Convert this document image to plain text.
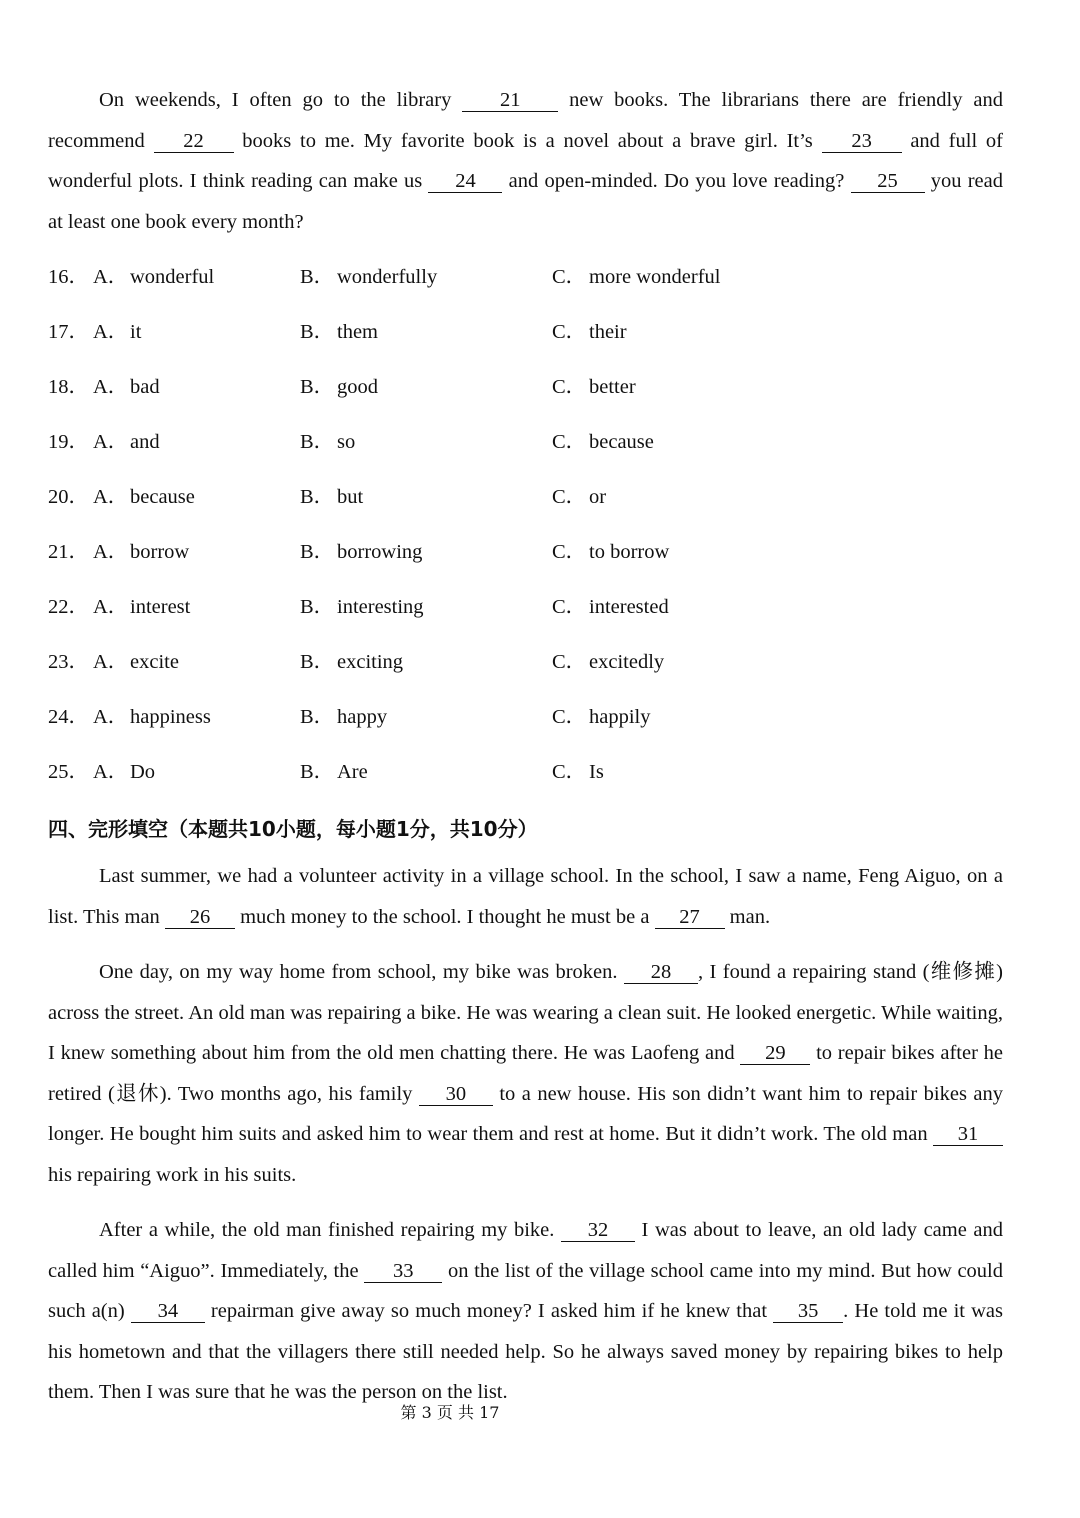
On weekends, I often go to the library 21 new books. The librarians there are friendly and recommend 22 books to me. My favorite book is a novel about a brave girl. It’s 23 and full of wonderful plots. I think reading can make us 24 and open-minded. Do you love reading? 25 you read at least one book every month?

16． A． wonderful	B． wonderfully	C． more wonderful
17． A． it	B． them	C． their
18． A． bad	B． good	C． better
19． A． and	B． so	C． because
20． A． because	B． but	C． or
21． A． borrow	B． borrowing	C． to borrow
22． A． interest	B． interesting	C． interested
23． A． excite	B． exciting	C． excitedly
24． A． happiness	B． happy	C． happily
25． A． Do	B． Are	C． Is
四、完形填空（本题共10小题，每小题1分，共10分）

Last summer, we had a volunteer activity in a village school. In the school, I saw a name, Feng Aiguo, on a list. This man 26 much money to the school. I thought he must be a 27 man.

One day, on my way home from school, my bike was broken. 28 , I found a repairing stand (维修摊) across the street. An old man was repairing a bike. He was wearing a clean suit. He looked energetic. While waiting, I knew something about him from the old men chatting there. He was Laofeng and 29 to repair bikes after he retired (退休). Two months ago, his family 30 to a new house. His son didn’t want him to repair bikes any longer. He bought him suits and asked him to wear them and rest at home. But it didn’t work. The old man 31 his repairing work in his suits.

After a while, the old man finished repairing my bike. 32 I was about to leave, an old lady came and called him “Aiguo”. Immediately, the 33 on the list of the village school came into my mind. But how could such a(n) 34 repairman give away so much money? I asked him if he knew that 35 . He told me it was his hometown and that the villagers there still needed help. So he always saved money by repairing bikes to help them. Then I was sure that he was the person on the list.

第 3 页 共 17
